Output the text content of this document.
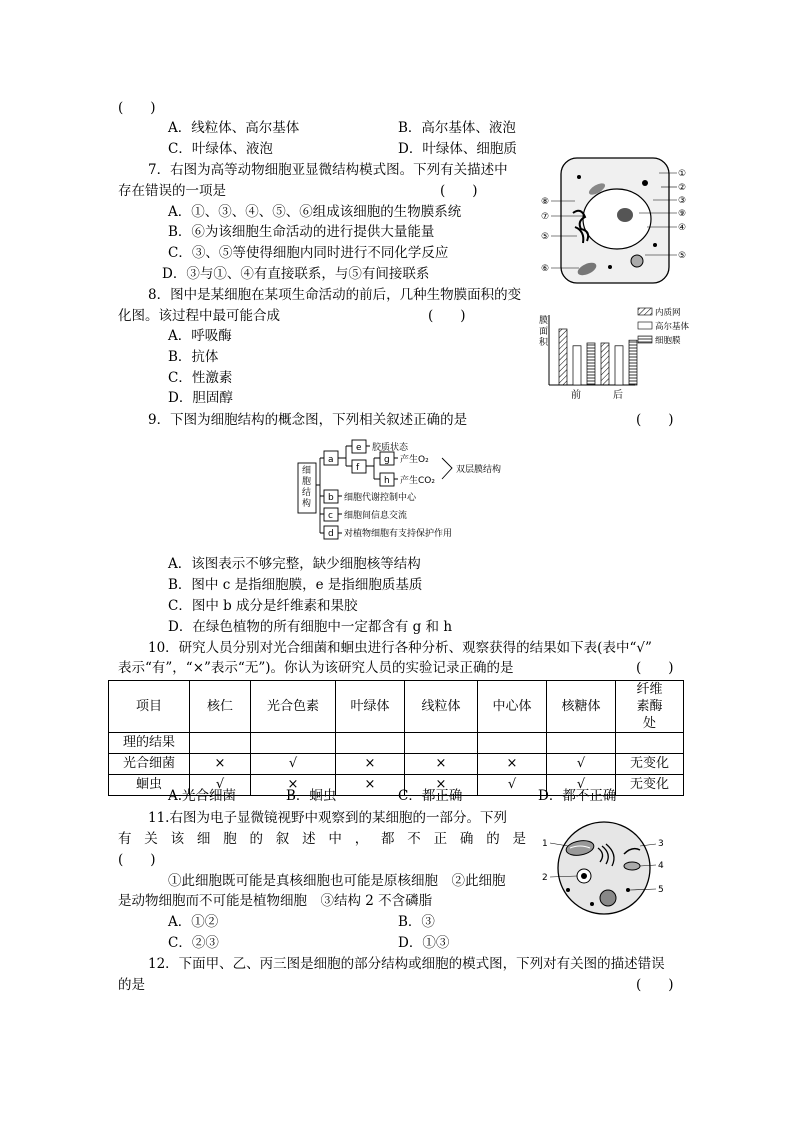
(　　)
A．线粒体、高尔基体	B．高尔基体、液泡
C．叶绿体、液泡	D．叶绿体、细胞质
7．右图为高等动物细胞亚显微结构模式图。下列有关描述中
存在错误的一项是	(　　)
A．①、③、④、⑤、⑥组成该细胞的生物膜系统
B．⑥为该细胞生命活动的进行提供大量能量
C．③、⑤等使得细胞内同时进行不同化学反应
D．③与①、④有直接联系，与⑤有间接联系
①
②
③
⑨
④
⑤
⑧
⑦
⑤
⑥
8．图中是某细胞在某项生命活动的前后，几种生物膜面积的变
化图。该过程中最可能合成	(　　)
A．呼吸酶
B．抗体
C．性激素
D．胆固醇
膜
面
积
前	后
内质网
高尔基体
细胞膜
9．下图为细胞结构的概念图，下列相关叙述正确的是	(　　)
细
胞
结
构
a
b
c
d
e
f
g
h
胶质状态
产生O₂
产生CO₂
双层膜结构
细胞代谢控制中心
细胞间信息交流
对植物细胞有支持保护作用
A．该图表示不够完整，缺少细胞核等结构
B．图中 c 是指细胞膜，e 是指细胞质基质
C．图中 b 成分是纤维素和果胶
D．在绿色植物的所有细胞中一定都含有 g 和 h
10．研究人员分别对光合细菌和蛔虫进行各种分析、观察获得的结果如下表(表中“√”
表示“有”，“×”表示“无”)。你认为该研究人员的实验记录正确的是	(　　)
项目	核仁	光合色素	叶绿体	线粒体	中心体	核糖体	纤维素酶处
理的结果							
光合细菌	×	√	×	×	×	√	无变化
蛔虫	√	×	×	×	√	√	无变化
A.光合细菌	B．蛔虫	C．都正确	D．都不正确
11.右图为电子显微镜视野中观察到的某细胞的一部分。下列
有关该细胞的叙述中，都不正确的是
(　　)
①此细胞既可能是真核细胞也可能是原核细胞　②此细胞
是动物细胞而不可能是植物细胞　③结构 2 不含磷脂
A．①②	B．③
C．②③	D．①③
1
2
3
4
5
12．下面甲、乙、丙三图是细胞的部分结构或细胞的模式图，下列对有关图的描述错误
的是	(　　)
